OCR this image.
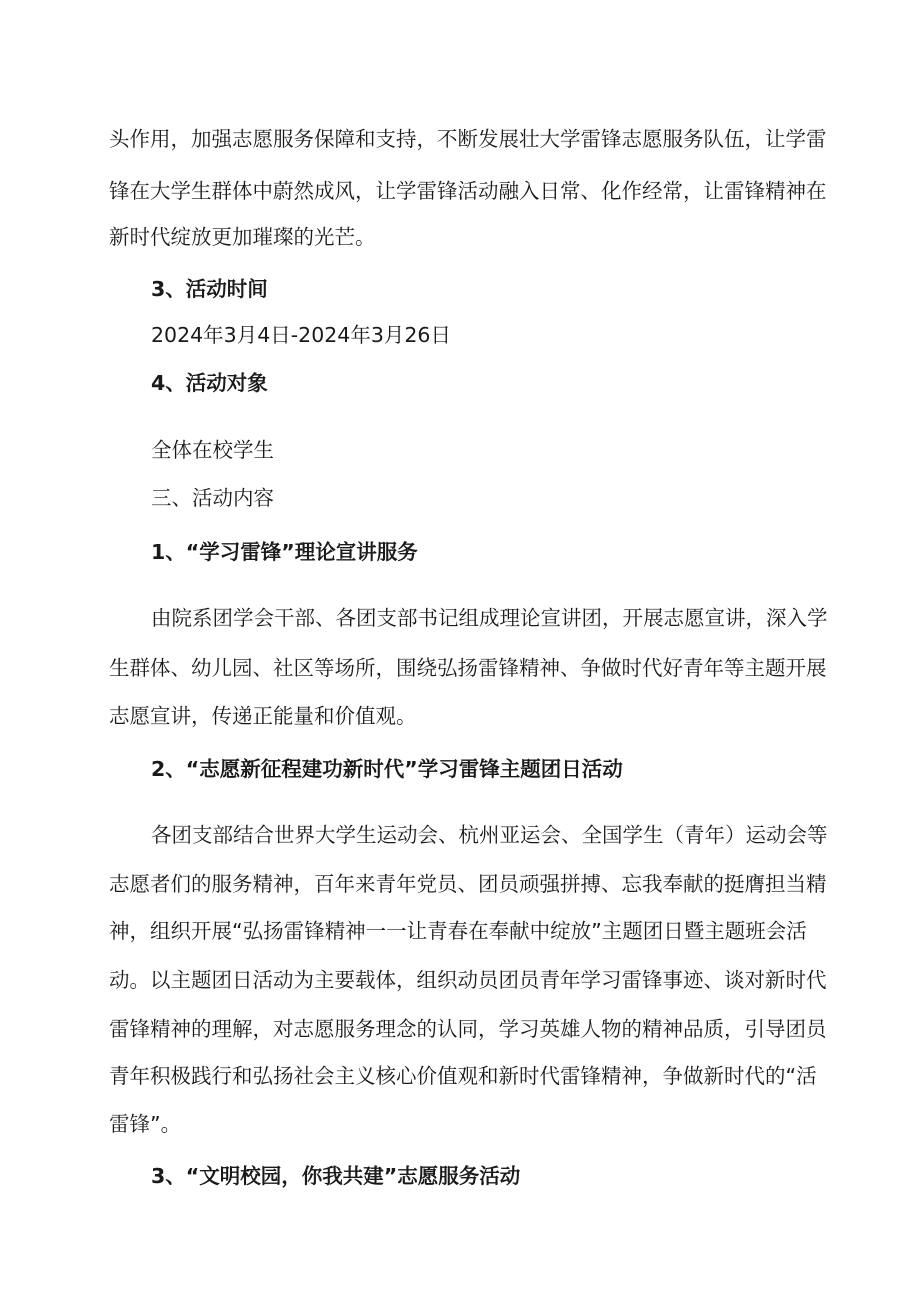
头作用，加强志愿服务保障和支持，不断发展壮大学雷锋志愿服务队伍，让学雷
锋在大学生群体中蔚然成风，让学雷锋活动融入日常、化作经常，让雷锋精神在
新时代绽放更加璀璨的光芒。
3、活动时间
2024年3月4日-2024年3月26日
4、活动对象
全体在校学生
三、活动内容
1、“学习雷锋”理论宣讲服务
由院系团学会干部、各团支部书记组成理论宣讲团，开展志愿宣讲，深入学
生群体、幼儿园、社区等场所，围绕弘扬雷锋精神、争做时代好青年等主题开展
志愿宣讲，传递正能量和价值观。
2、“志愿新征程建功新时代”学习雷锋主题团日活动
各团支部结合世界大学生运动会、杭州亚运会、全国学生（青年）运动会等
志愿者们的服务精神，百年来青年党员、团员顽强拼搏、忘我奉献的挺膺担当精
神，组织开展“弘扬雷锋精神一一让青春在奉献中绽放”主题团日暨主题班会活
动。以主题团日活动为主要载体，组织动员团员青年学习雷锋事迹、谈对新时代
雷锋精神的理解，对志愿服务理念的认同，学习英雄人物的精神品质，引导团员
青年积极践行和弘扬社会主义核心价值观和新时代雷锋精神，争做新时代的“活
雷锋”。
3、“文明校园，你我共建”志愿服务活动
